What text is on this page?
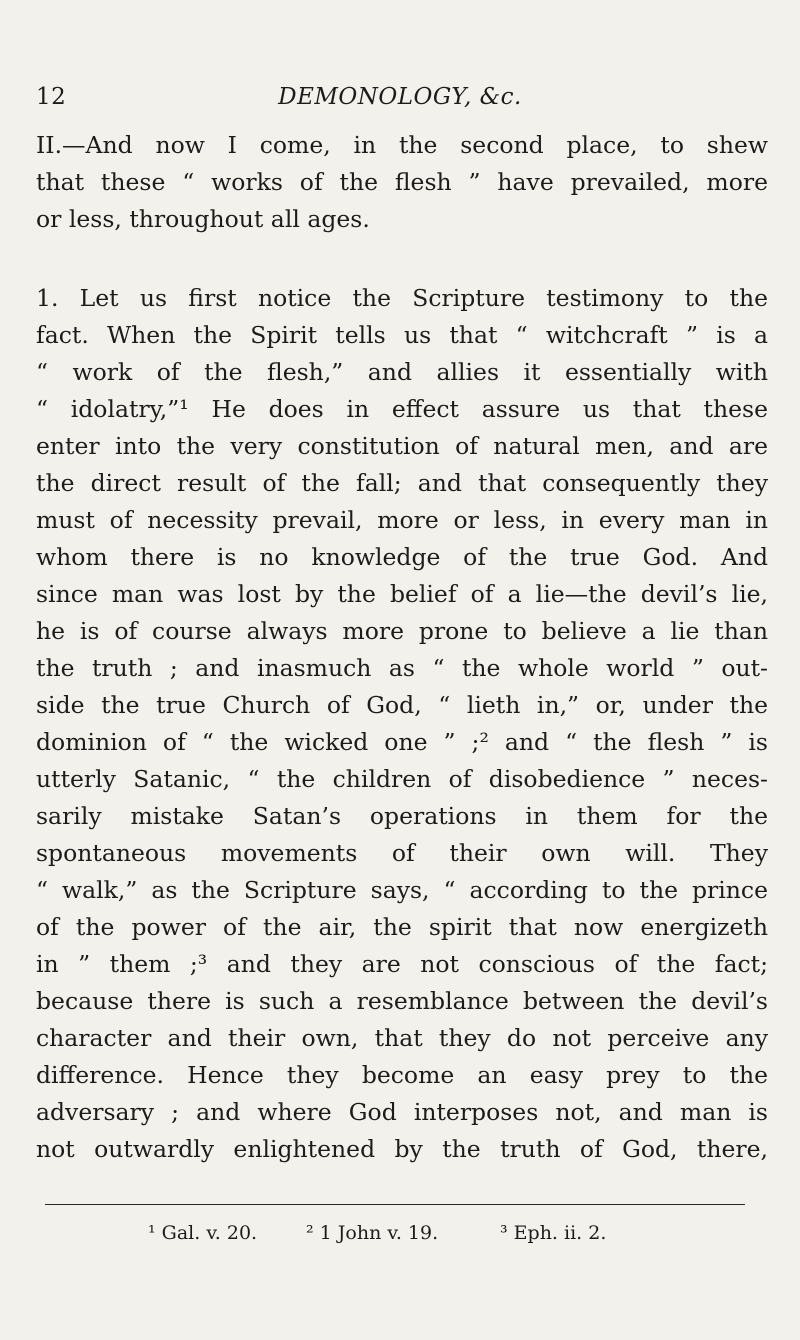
12	DEMONOLOGY, &c.
II.—And now I come, in the second place, to shew
that these “ works of the flesh ” have prevailed, more
or less, throughout all ages.
1. Let us first notice the Scripture testimony to the
fact. When the Spirit tells us that “ witchcraft ” is a
“ work of the flesh,” and allies it essentially with
“ idolatry,”¹ He does in effect assure us that these
enter into the very constitution of natural men, and are
the direct result of the fall; and that consequently they
must of necessity prevail, more or less, in every man in
whom there is no knowledge of the true God. And
since man was lost by the belief of a lie—the devil’s lie,
he is of course always more prone to believe a lie than
the truth ; and inasmuch as “ the whole world ” out-
side the true Church of God, “ lieth in,” or, under the
dominion of “ the wicked one ” ;² and “ the flesh ” is
utterly Satanic, “ the children of disobedience ” neces-
sarily mistake Satan’s operations in them for the
spontaneous movements of their own will. They
“ walk,” as the Scripture says, “ according to the prince
of the power of the air, the spirit that now energizeth
in ” them ;³ and they are not conscious of the fact;
because there is such a resemblance between the devil’s
character and their own, that they do not perceive any
difference. Hence they become an easy prey to the
adversary ; and where God interposes not, and man is
not outwardly enlightened by the truth of God, there,
¹ Gal. v. 20.	² 1 John v. 19.	³ Eph. ii. 2.
